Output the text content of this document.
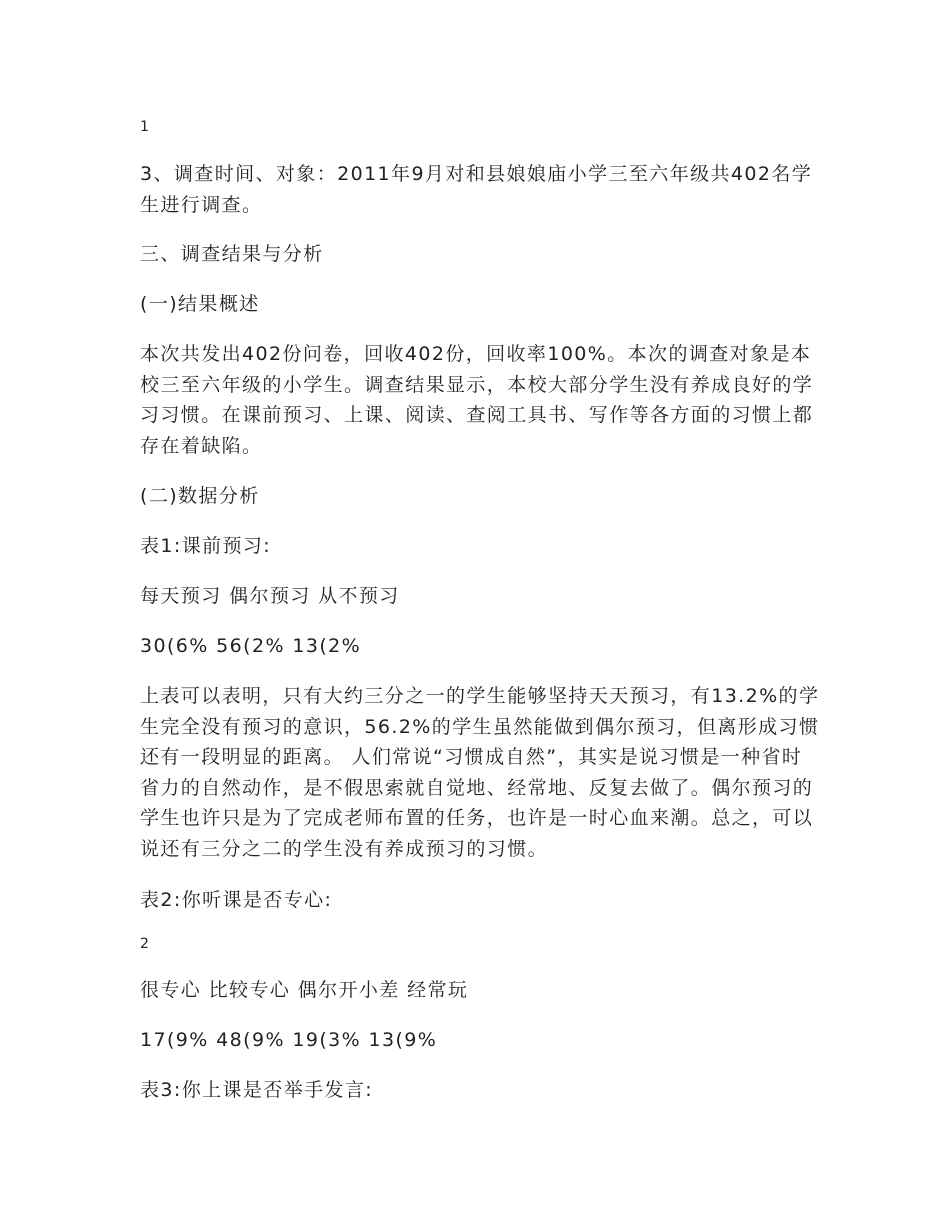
1

3、调查时间、对象：2011年9月对和县娘娘庙小学三至六年级共402名学生进行调查。

三、调查结果与分析

(一)结果概述

本次共发出402份问卷，回收402份，回收率100%。本次的调查对象是本校三至六年级的小学生。调查结果显示，本校大部分学生没有养成良好的学习习惯。在课前预习、上课、阅读、查阅工具书、写作等各方面的习惯上都存在着缺陷。

(二)数据分析

表1:课前预习:

每天预习 偶尔预习 从不预习

30(6% 56(2% 13(2%

上表可以表明，只有大约三分之一的学生能够坚持天天预习，有13.2%的学生完全没有预习的意识，56.2%的学生虽然能做到偶尔预习，但离形成习惯还有一段明显的距离。 人们常说“习惯成自然”，其实是说习惯是一种省时省力的自然动作，是不假思索就自觉地、经常地、反复去做了。偶尔预习的学生也许只是为了完成老师布置的任务，也许是一时心血来潮。总之，可以说还有三分之二的学生没有养成预习的习惯。

表2:你听课是否专心:

2

很专心 比较专心 偶尔开小差 经常玩

17(9% 48(9% 19(3% 13(9%

表3:你上课是否举手发言:
